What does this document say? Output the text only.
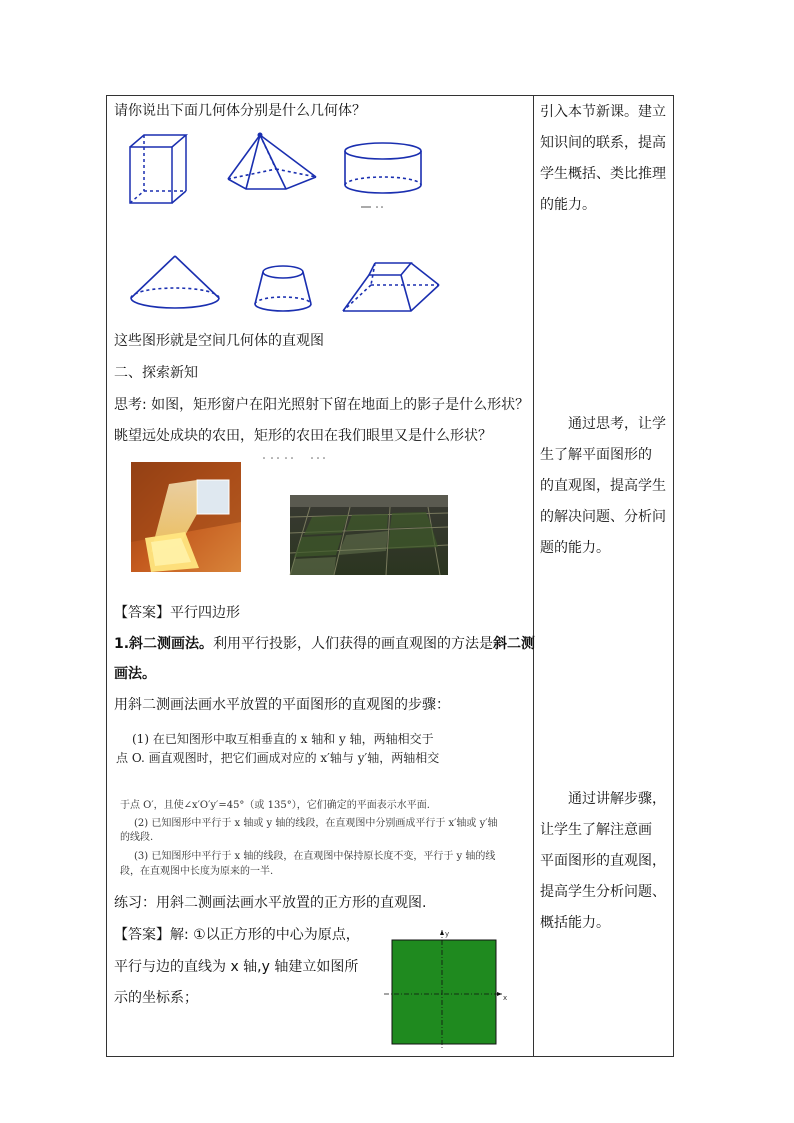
请你说出下面几何体分别是什么几何体？
这些图形就是空间几何体的直观图
二、探索新知
思考: 如图，矩形窗户在阳光照射下留在地面上的影子是什么形状？
眺望远处成块的农田，矩形的农田在我们眼里又是什么形状？
【答案】平行四边形
1.斜二测画法。利用平行投影，人们获得的画直观图的方法是斜二测
画法。
用斜二测画法画水平放置的平面图形的直观图的步骤：
(1) 在已知图形中取互相垂直的 x 轴和 y 轴，两轴相交于
点 O. 画直观图时，把它们画成对应的 x′轴与 y′轴，两轴相交
于点 O′，且使∠x′O′y′=45°（或 135°），它们确定的平面表示水平面.
(2) 已知图形中平行于 x 轴或 y 轴的线段，在直观图中分别画成平行于 x′轴或 y′轴
的线段.
(3) 已知图形中平行于 x 轴的线段，在直观图中保持原长度不变，平行于 y 轴的线
段，在直观图中长度为原来的一半.
练习：用斜二测画法画水平放置的正方形的直观图.
【答案】解: ①以正方形的中心为原点，
平行与边的直线为 x 轴,y 轴建立如图所
示的坐标系；	x
y

引入本节新课。建立

知识间的联系，提高

学生概括、类比推理

的能力。

通过思考，让学

生了解平面图形的

的直观图，提高学生

的解决问题、分析问

题的能力。

通过讲解步骤，

让学生了解注意画

平面图形的直观图，

提高学生分析问题、

概括能力。
